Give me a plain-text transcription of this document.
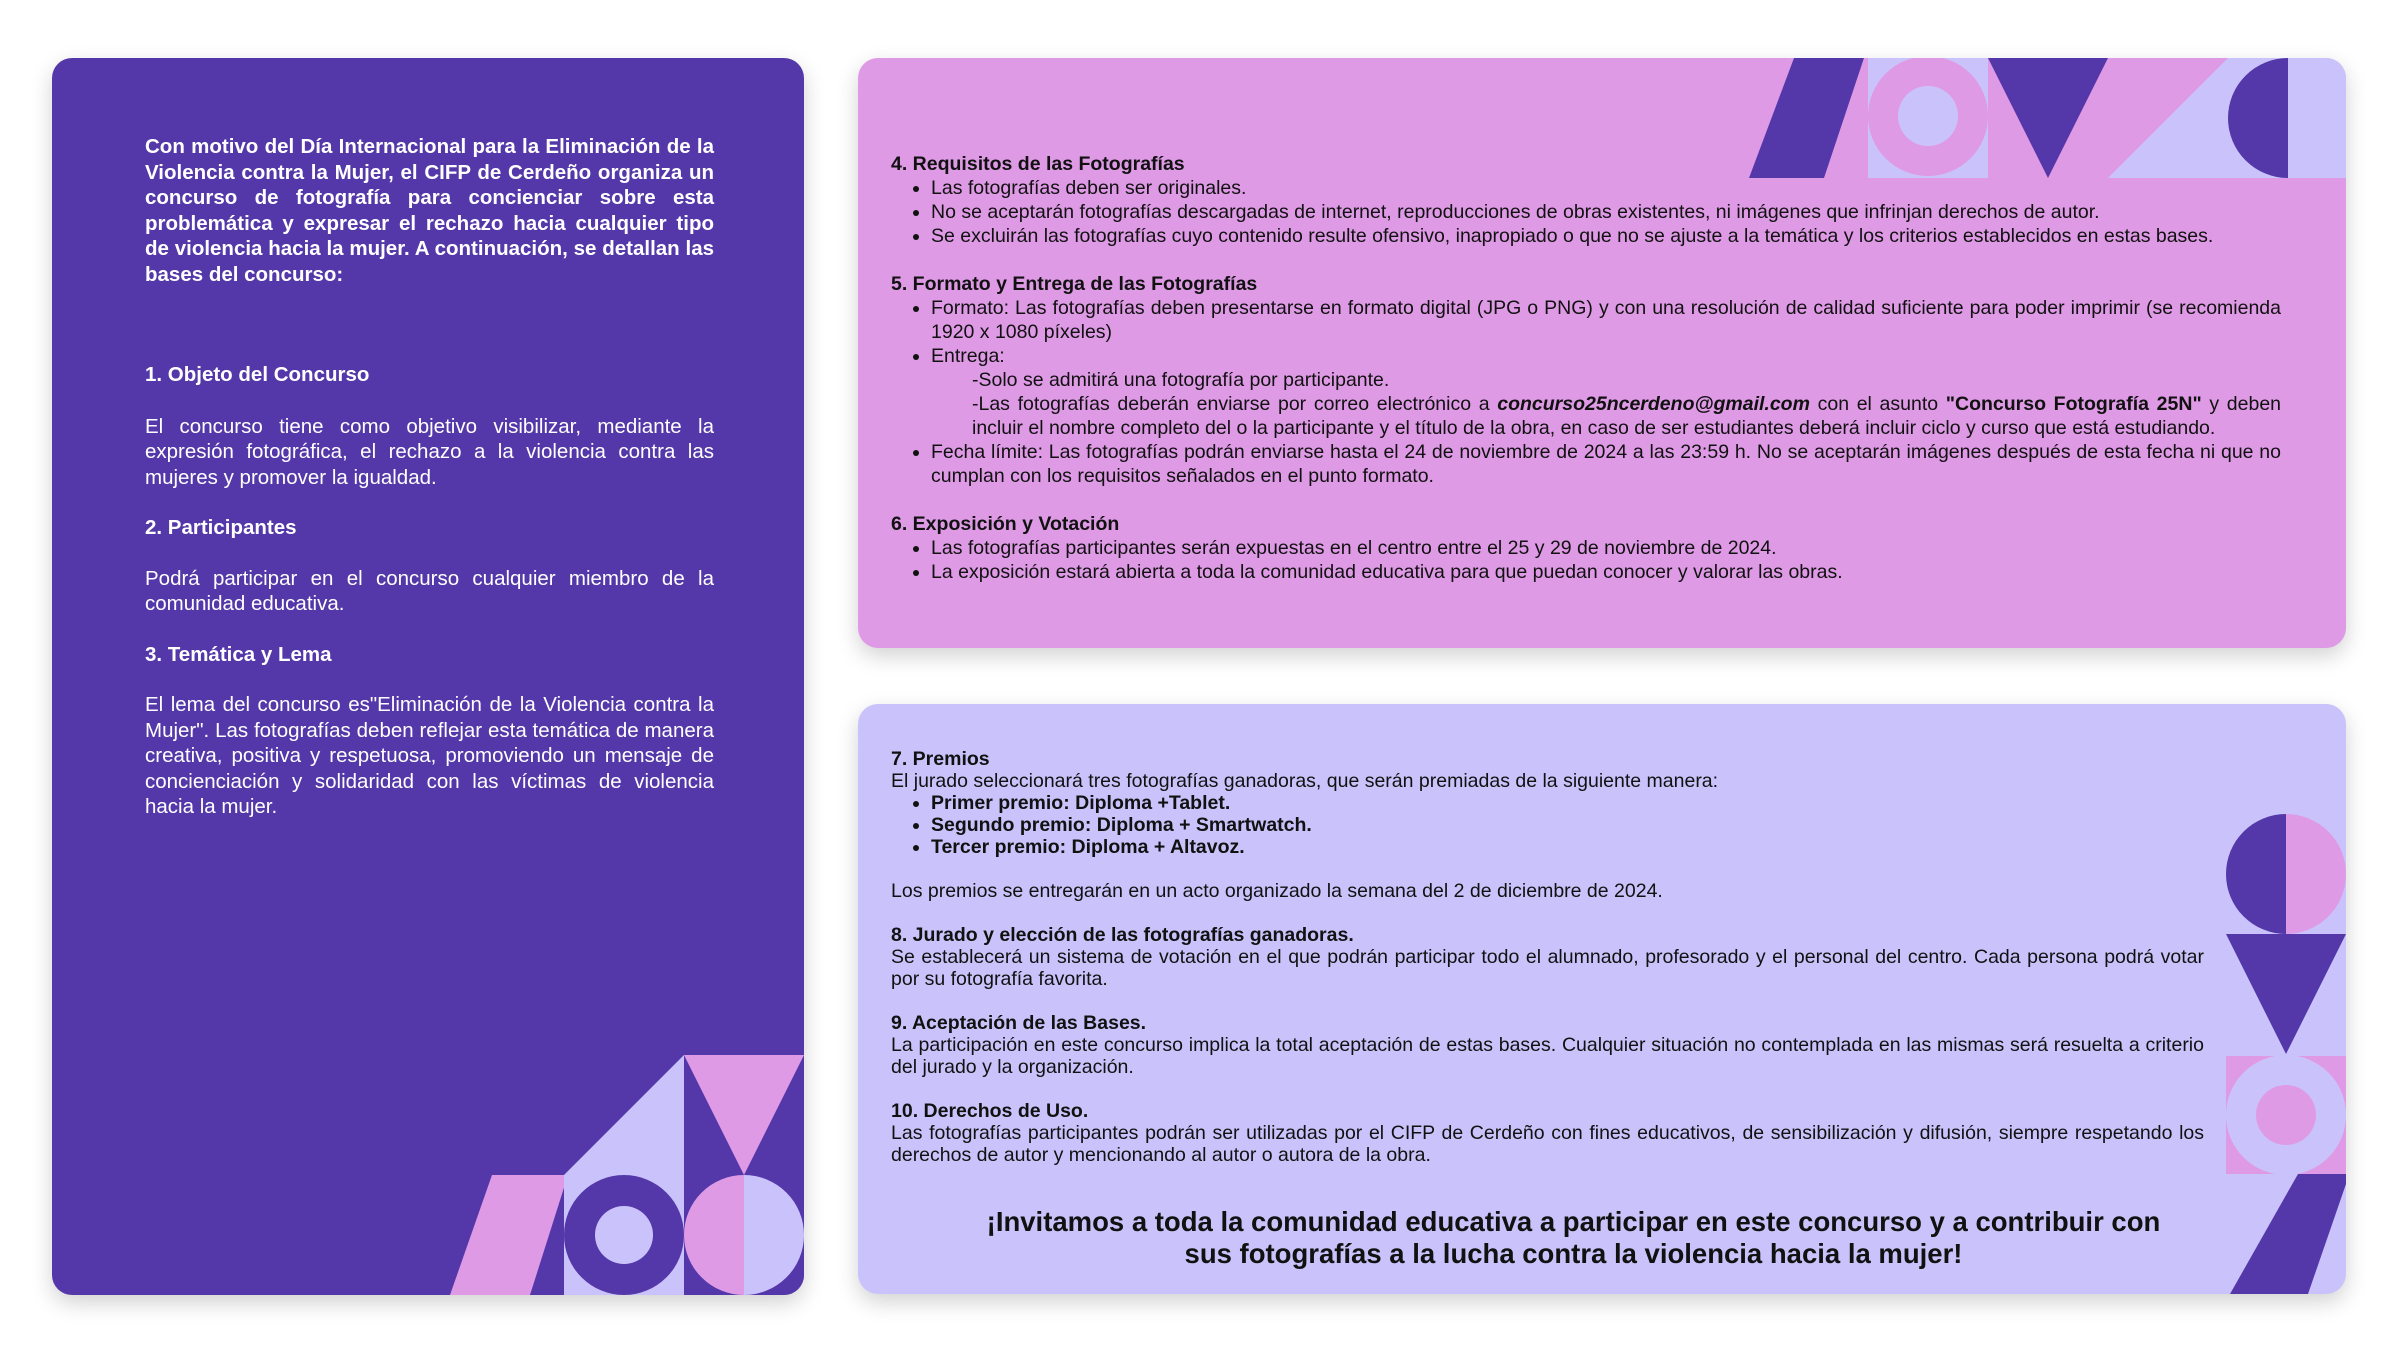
Con motivo del Día Internacional para la Eliminación de la Violencia contra la Mujer, el CIFP de Cerdeño organiza un concurso de fotografía para concienciar sobre esta problemática y expresar el rechazo hacia cualquier tipo de violencia hacia la mujer. A continuación, se detallan las bases del concurso:

1. Objeto del Concurso

El concurso tiene como objetivo visibilizar, mediante la expresión fotográfica, el rechazo a la violencia contra las mujeres y promover la igualdad.

2. Participantes

Podrá participar en el concurso cualquier miembro de la comunidad educativa.

3. Temática y Lema

El lema del concurso es"Eliminación de la Violencia contra la Mujer". Las fotografías deben reflejar esta temática de manera creativa, positiva y respetuosa, promoviendo un mensaje de concienciación y solidaridad con las víctimas de violencia hacia la mujer.

4. Requisitos de las Fotografías
• Las fotografías deben ser originales.
• No se aceptarán fotografías descargadas de internet, reproducciones de obras existentes, ni imágenes que infrinjan derechos de autor.
• Se excluirán las fotografías cuyo contenido resulte ofensivo, inapropiado o que no se ajuste a la temática y los criterios establecidos en estas bases.
5. Formato y Entrega de las Fotografías
• Formato: Las fotografías deben presentarse en formato digital (JPG o PNG) y con una resolución de calidad suficiente para poder imprimir (se recomienda 1920 x 1080 píxeles)
• Entrega:
-Solo se admitirá una fotografía por participante.
-Las fotografías deberán enviarse por correo electrónico a concurso25ncerdeno@gmail.com con el asunto "Concurso Fotografía 25N" y deben incluir el nombre completo del o la participante y el título de la obra, en caso de ser estudiantes deberá incluir ciclo y curso que está estudiando.
• Fecha límite: Las fotografías podrán enviarse hasta el 24 de noviembre de 2024 a las 23:59 h. No se aceptarán imágenes después de esta fecha ni que no cumplan con los requisitos señalados en el punto formato.
6. Exposición y Votación
• Las fotografías participantes serán expuestas en el centro entre el 25 y 29 de noviembre de 2024.
• La exposición estará abierta a toda la comunidad educativa para que puedan conocer y valorar las obras.
7. Premios

El jurado seleccionará tres fotografías ganadoras, que serán premiadas de la siguiente manera:

• Primer premio: Diploma +Tablet.
• Segundo premio: Diploma + Smartwatch.
• Tercer premio: Diploma + Altavoz.

Los premios se entregarán en un acto organizado la semana del 2 de diciembre de 2024.

8. Jurado y elección de las fotografías ganadoras.

Se establecerá un sistema de votación en el que podrán participar todo el alumnado, profesorado y el personal del centro. Cada persona podrá votar por su fotografía favorita.

9. Aceptación de las Bases.

La participación en este concurso implica la total aceptación de estas bases. Cualquier situación no contemplada en las mismas será resuelta a criterio del jurado y la organización.

10. Derechos de Uso.

Las fotografías participantes podrán ser utilizadas por el CIFP de Cerdeño con fines educativos, de sensibilización y difusión, siempre respetando los derechos de autor y mencionando al autor o autora de la obra.

¡Invitamos a toda la comunidad educativa a participar en este concurso y a contribuir con sus fotografías a la lucha contra la violencia hacia la mujer!
